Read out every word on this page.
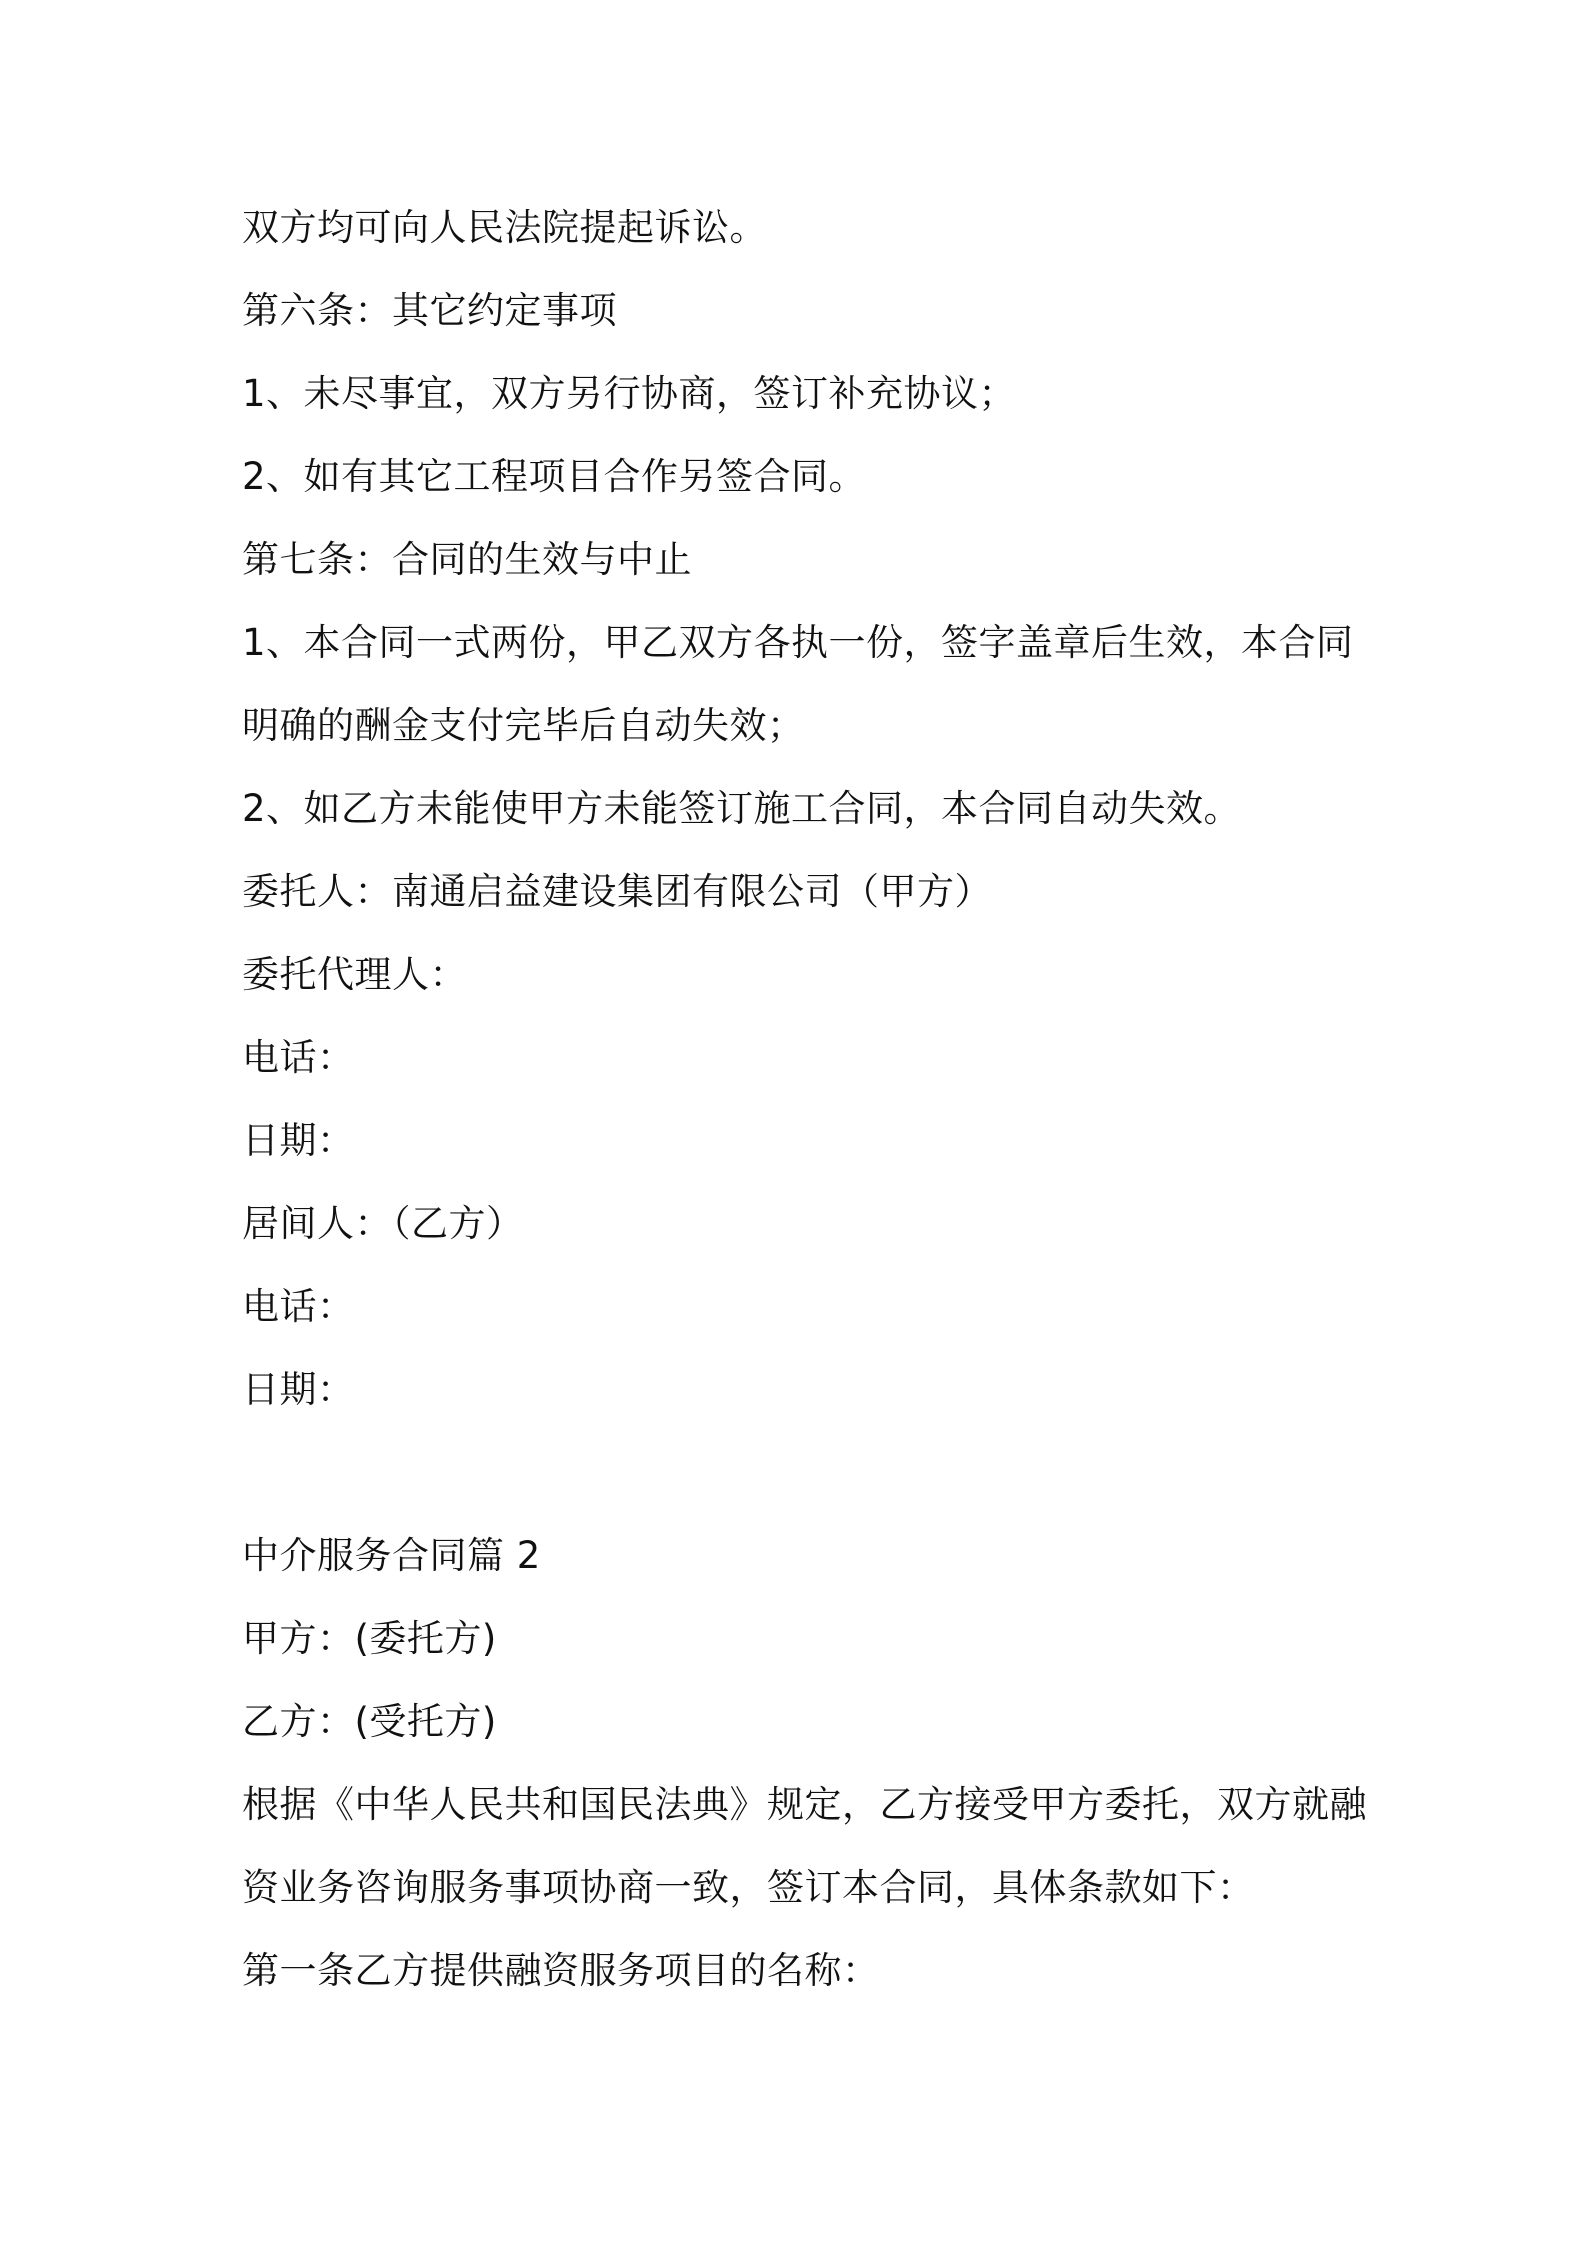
双方均可向人民法院提起诉讼。

第六条：其它约定事项

1、未尽事宜，双方另行协商，签订补充协议；

2、如有其它工程项目合作另签合同。

第七条：合同的生效与中止

1、本合同一式两份，甲乙双方各执一份，签字盖章后生效，本合同

明确的酬金支付完毕后自动失效；

2、如乙方未能使甲方未能签订施工合同，本合同自动失效。

委托人：南通启益建设集团有限公司（甲方）

委托代理人：

电话：

日期：

居间人：（乙方）

电话：

日期：

中介服务合同篇 2

甲方：(委托方)

乙方：(受托方)

根据《中华人民共和国民法典》规定，乙方接受甲方委托，双方就融

资业务咨询服务事项协商一致，签订本合同，具体条款如下：

第一条乙方提供融资服务项目的名称：
